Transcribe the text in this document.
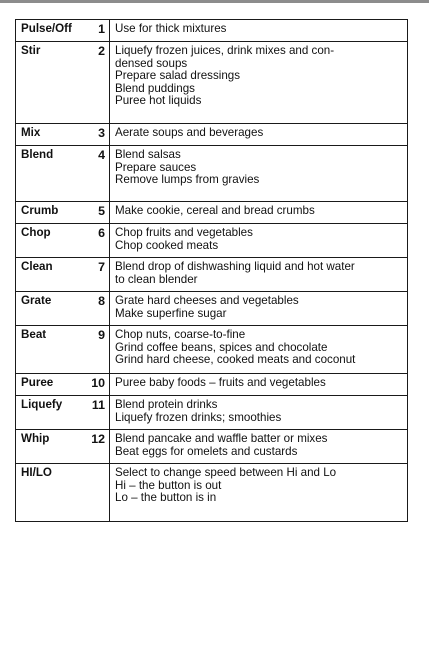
Pulse/Off	1	Use for thick mixtures

Stir	2	Liquefy frozen juices, drink mixes and con-
densed soups
Prepare salad dressings
Blend puddings
Puree hot liquids

Mix	3	Aerate soups and beverages

Blend	4	Blend salsas
Prepare sauces
Remove lumps from gravies

Crumb	5	Make cookie, cereal and bread crumbs

Chop	6	Chop fruits and vegetables
Chop cooked meats

Clean	7	Blend drop of dishwashing liquid and hot water
to clean blender

Grate	8	Grate hard cheeses and vegetables
Make superfine sugar

Beat	9	Chop nuts, coarse-to-fine
Grind coffee beans, spices and chocolate
Grind hard cheese, cooked meats and coconut

Puree	10	Puree baby foods – fruits and vegetables

Liquefy	11	Blend protein drinks
Liquefy frozen drinks; smoothies

Whip	12	Blend pancake and waffle batter or mixes
Beat eggs for omelets and custards

HI/LO		Select to change speed between Hi and Lo
Hi – the button is out
Lo – the button is in
